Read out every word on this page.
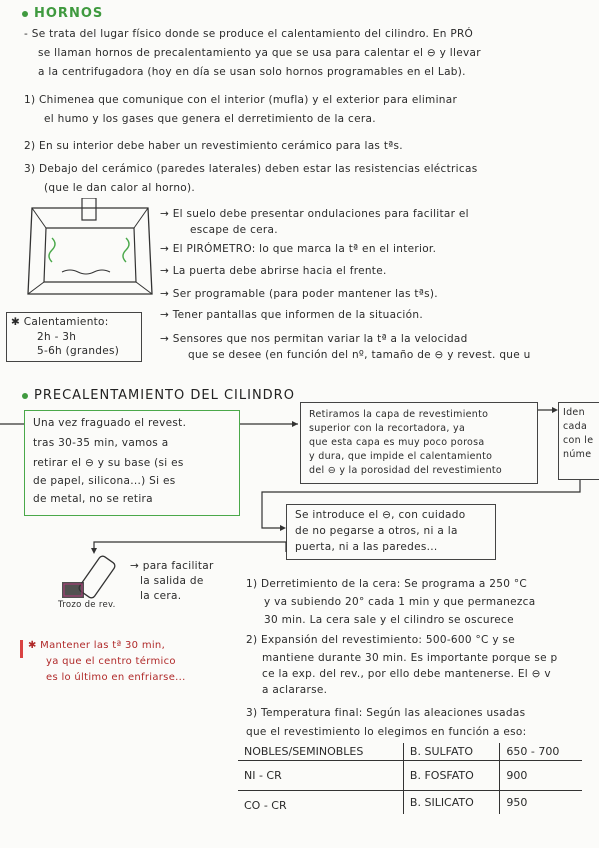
HORNOS
- Se trata del lugar físico donde se produce el calentamiento del cilindro. En PRÓ
se llaman hornos de precalentamiento ya que se usa para calentar el ⊖ y llevar
a la centrifugadora (hoy en día se usan solo hornos programables en el Lab).
1) Chimenea que comunique con el interior (mufla) y el exterior para eliminar
el humo y los gases que genera el derretimiento de la cera.
2) En su interior debe haber un revestimiento cerámico para las tªs.
3) Debajo del cerámico (paredes laterales) deben estar las resistencias eléctricas
(que le dan calor al horno).
→ El suelo debe presentar ondulaciones para facilitar el
escape de cera.
→ El PIRÓMETRO: lo que marca la tª en el interior.
→ La puerta debe abrirse hacia el frente.
→ Ser programable (para poder mantener las tªs).
→ Tener pantallas que informen de la situación.
→ Sensores que nos permitan variar la tª a la velocidad
que se desee (en función del nº, tamaño de ⊖ y revest. que u
✱ Calentamiento:
2h - 3h
5-6h (grandes)
PRECALENTAMIENTO DEL CILINDRO
Una vez fraguado el revest.
tras 30-35 min, vamos a
retirar el ⊖ y su base (si es
de papel, silicona...) Si es
de metal, no se retira
Retiramos la capa de revestimiento
superior con la recortadora, ya
que esta capa es muy poco porosa
y dura, que impide el calentamiento
del ⊖ y la porosidad del revestimiento
Iden
cada
con le
núme
Se introduce el ⊖, con cuidado
de no pegarse a otros, ni a la
puerta, ni a las paredes...
→ para facilitar
la salida de
la cera.
Trozo de rev.
✱ Mantener las tª 30 min,
ya que el centro térmico
es lo último en enfriarse...
1) Derretimiento de la cera: Se programa a 250 °C
y va subiendo 20° cada 1 min y que permanezca
30 min. La cera sale y el cilindro se oscurece
2) Expansión del revestimiento: 500-600 °C y se
mantiene durante 30 min. Es importante porque se p
ce la exp. del rev., por ello debe mantenerse. El ⊖ v
a aclararse.
3) Temperatura final: Según las aleaciones usadas
que el revestimiento lo elegimos en función a eso:
NOBLES/SEMINOBLES	B. SULFATO	650 - 700
NI - CR	B. FOSFATO	900
CO - CR	B. SILICATO	950
